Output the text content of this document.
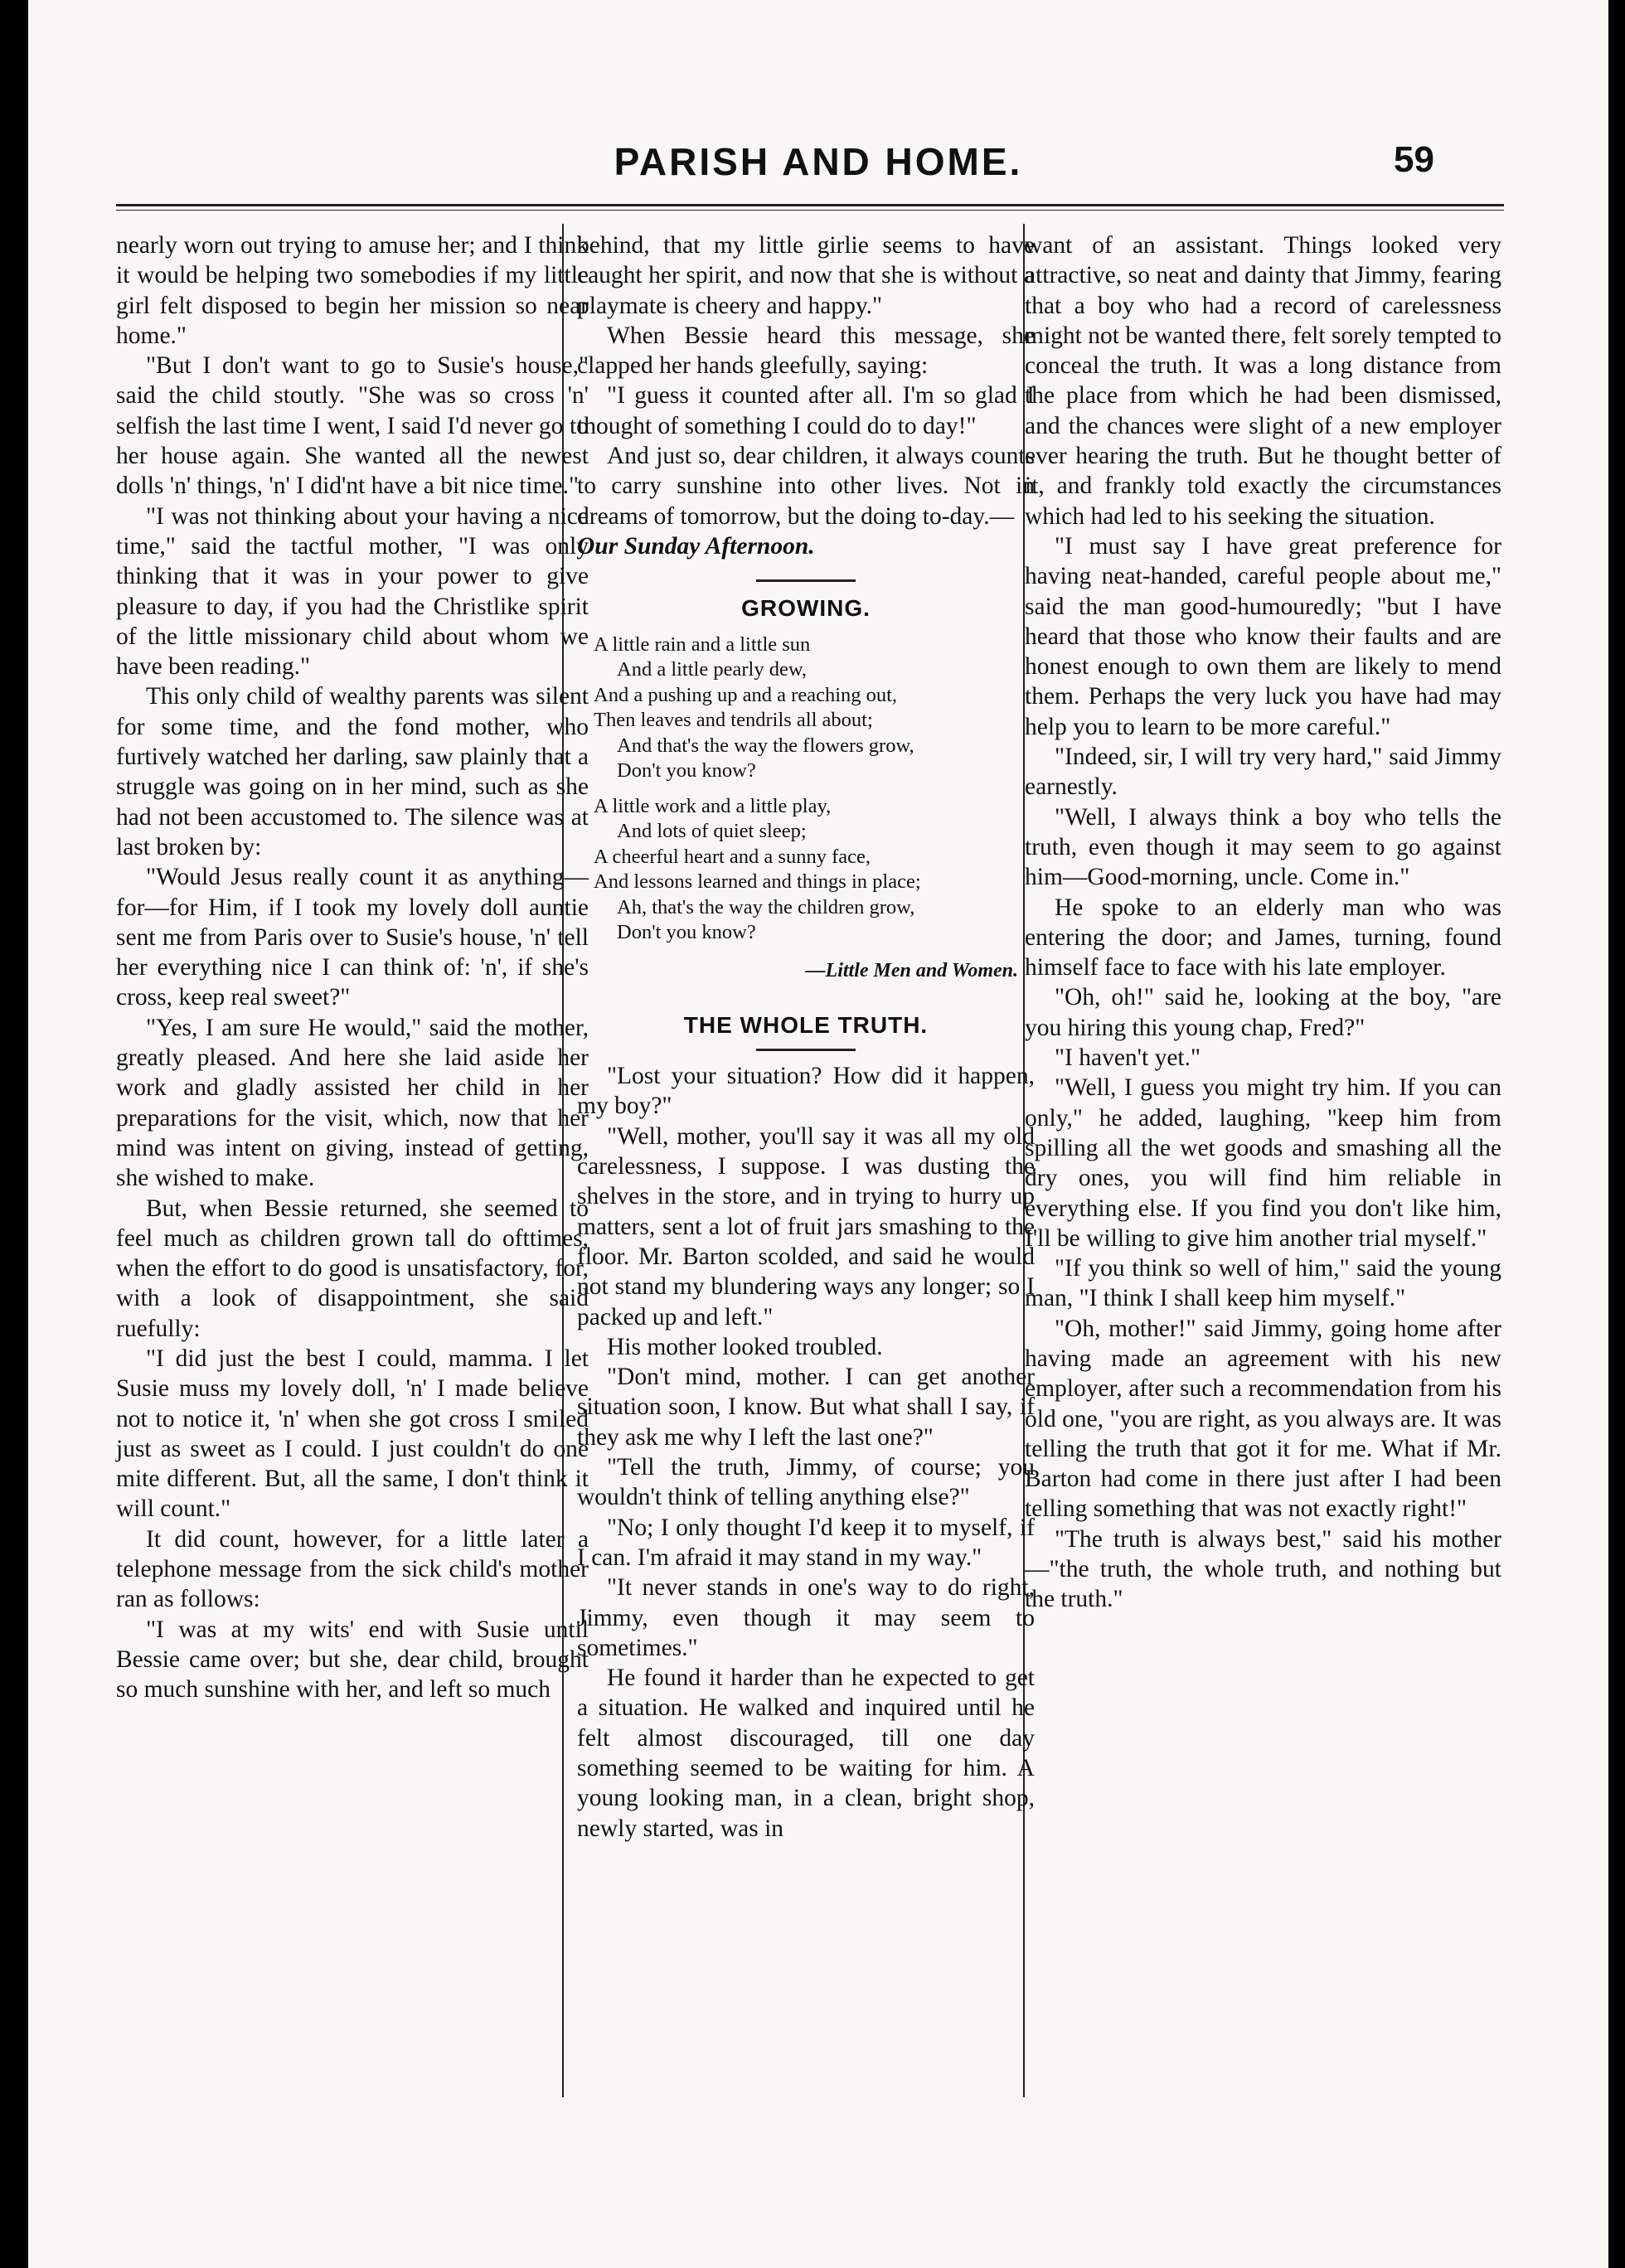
PARISH AND HOME.	59

nearly worn out trying to amuse her; and I think it would be helping two somebodies if my little girl felt disposed to begin her mission so near home."

"But I don't want to go to Susie's house," said the child stoutly. "She was so cross 'n' selfish the last time I went, I said I'd never go to her house again. She wanted all the newest dolls 'n' things, 'n' I did'nt have a bit nice time."

"I was not thinking about your having a nice time," said the tactful mother, "I was only thinking that it was in your power to give pleasure to day, if you had the Christlike spirit of the little missionary child about whom we have been reading."

This only child of wealthy parents was silent for some time, and the fond mother, who furtively watched her darling, saw plainly that a struggle was going on in her mind, such as she had not been accustomed to. The silence was at last broken by:

"Would Jesus really count it as anything—for—for Him, if I took my lovely doll auntie sent me from Paris over to Susie's house, 'n' tell her everything nice I can think of: 'n', if she's cross, keep real sweet?"

"Yes, I am sure He would," said the mother, greatly pleased. And here she laid aside her work and gladly assisted her child in her preparations for the visit, which, now that her mind was intent on giving, instead of getting, she wished to make.

But, when Bessie returned, she seemed to feel much as children grown tall do ofttimes, when the effort to do good is unsatisfactory, for, with a look of disappointment, she said ruefully:

"I did just the best I could, mamma. I let Susie muss my lovely doll, 'n' I made believe not to notice it, 'n' when she got cross I smiled just as sweet as I could. I just couldn't do one mite different. But, all the same, I don't think it will count."

It did count, however, for a little later a telephone message from the sick child's mother ran as follows:

"I was at my wits' end with Susie until Bessie came over; but she, dear child, brought so much sunshine with her, and left so much

behind, that my little girlie seems to have caught her spirit, and now that she is without a playmate is cheery and happy."

When Bessie heard this message, she clapped her hands gleefully, saying:

"I guess it counted after all. I'm so glad I thought of something I could do to day!"

And just so, dear children, it always counts to carry sunshine into other lives. Not in dreams of tomorrow, but the doing to-day.—

Our Sunday Afternoon.

GROWING.
A little rain and a little sun
And a little pearly dew,
And a pushing up and a reaching out,
Then leaves and tendrils all about;
And that's the way the flowers grow,
Don't you know?
A little work and a little play,
And lots of quiet sleep;
A cheerful heart and a sunny face,
And lessons learned and things in place;
Ah, that's the way the children grow,
Don't you know?
—Little Men and Women.
THE WHOLE TRUTH.

"Lost your situation? How did it happen, my boy?"

"Well, mother, you'll say it was all my old carelessness, I suppose. I was dusting the shelves in the store, and in trying to hurry up matters, sent a lot of fruit jars smashing to the floor. Mr. Barton scolded, and said he would not stand my blundering ways any longer; so I packed up and left."

His mother looked troubled.

"Don't mind, mother. I can get another situation soon, I know. But what shall I say, if they ask me why I left the last one?"

"Tell the truth, Jimmy, of course; you wouldn't think of telling anything else?"

"No; I only thought I'd keep it to myself, if I can. I'm afraid it may stand in my way."

"It never stands in one's way to do right, Jimmy, even though it may seem to sometimes."

He found it harder than he expected to get a situation. He walked and inquired until he felt almost discouraged, till one day something seemed to be waiting for him. A young looking man, in a clean, bright shop, newly started, was in

want of an assistant. Things looked very attractive, so neat and dainty that Jimmy, fearing that a boy who had a record of carelessness might not be wanted there, felt sorely tempted to conceal the truth. It was a long distance from the place from which he had been dismissed, and the chances were slight of a new employer ever hearing the truth. But he thought better of it, and frankly told exactly the circumstances which had led to his seeking the situation.

"I must say I have great preference for having neat-handed, careful people about me," said the man good-humouredly; "but I have heard that those who know their faults and are honest enough to own them are likely to mend them. Perhaps the very luck you have had may help you to learn to be more careful."

"Indeed, sir, I will try very hard," said Jimmy earnestly.

"Well, I always think a boy who tells the truth, even though it may seem to go against him—Good-morning, uncle. Come in."

He spoke to an elderly man who was entering the door; and James, turning, found himself face to face with his late employer.

"Oh, oh!" said he, looking at the boy, "are you hiring this young chap, Fred?"

"I haven't yet."

"Well, I guess you might try him. If you can only," he added, laughing, "keep him from spilling all the wet goods and smashing all the dry ones, you will find him reliable in everything else. If you find you don't like him, I'll be willing to give him another trial myself."

"If you think so well of him," said the young man, "I think I shall keep him myself."

"Oh, mother!" said Jimmy, going home after having made an agreement with his new employer, after such a recommendation from his old one, "you are right, as you always are. It was telling the truth that got it for me. What if Mr. Barton had come in there just after I had been telling something that was not exactly right!"

"The truth is always best," said his mother—"the truth, the whole truth, and nothing but the truth."
